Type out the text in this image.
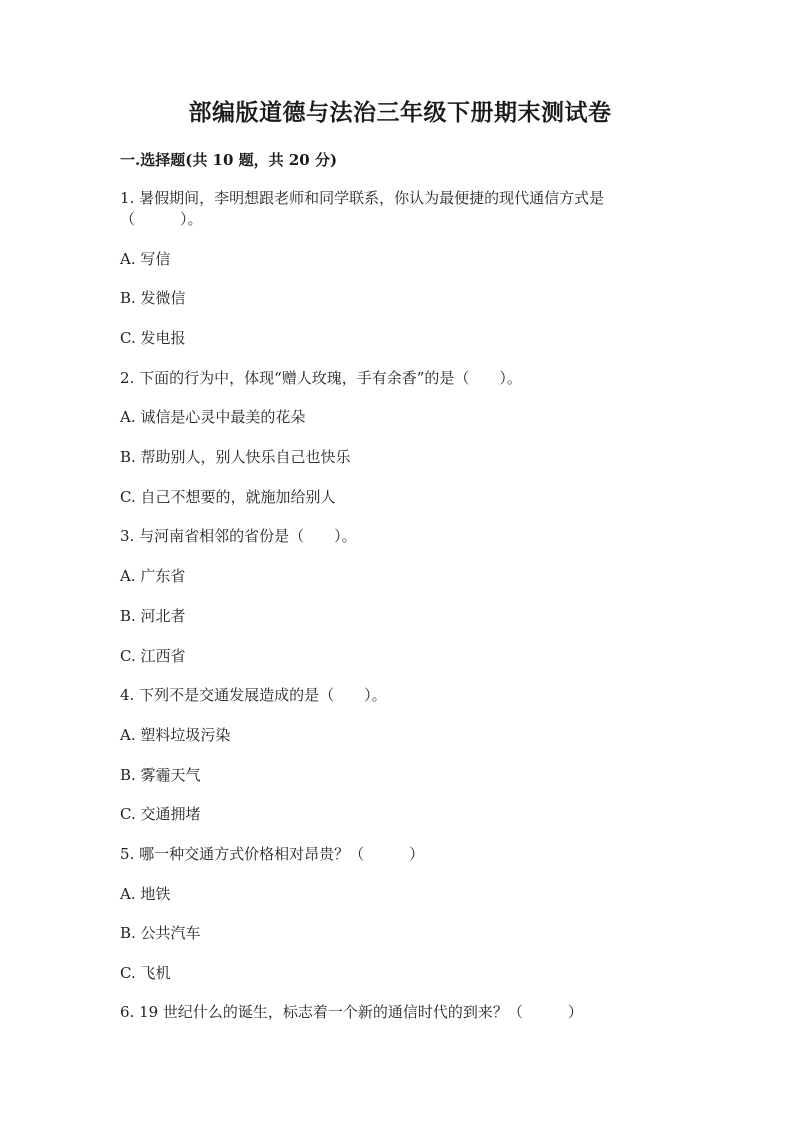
部编版道德与法治三年级下册期末测试卷
一.选择题(共 10 题，共 20 分)
1. 暑假期间，李明想跟老师和同学联系，你认为最便捷的现代通信方式是
（　　　）。
A. 写信
B. 发微信
C. 发电报
2. 下面的行为中，体现“赠人玫瑰，手有余香”的是（　　）。
A. 诚信是心灵中最美的花朵
B. 帮助别人，别人快乐自己也快乐
C. 自己不想要的，就施加给别人
3. 与河南省相邻的省份是（　　）。
A. 广东省
B. 河北者
C. 江西省
4. 下列不是交通发展造成的是（　　）。
A. 塑料垃圾污染
B. 雾霾天气
C. 交通拥堵
5. 哪一种交通方式价格相对昂贵？（　　　）
A. 地铁
B. 公共汽车
C. 飞机
6. 19 世纪什么的诞生，标志着一个新的通信时代的到来？（　　　）
